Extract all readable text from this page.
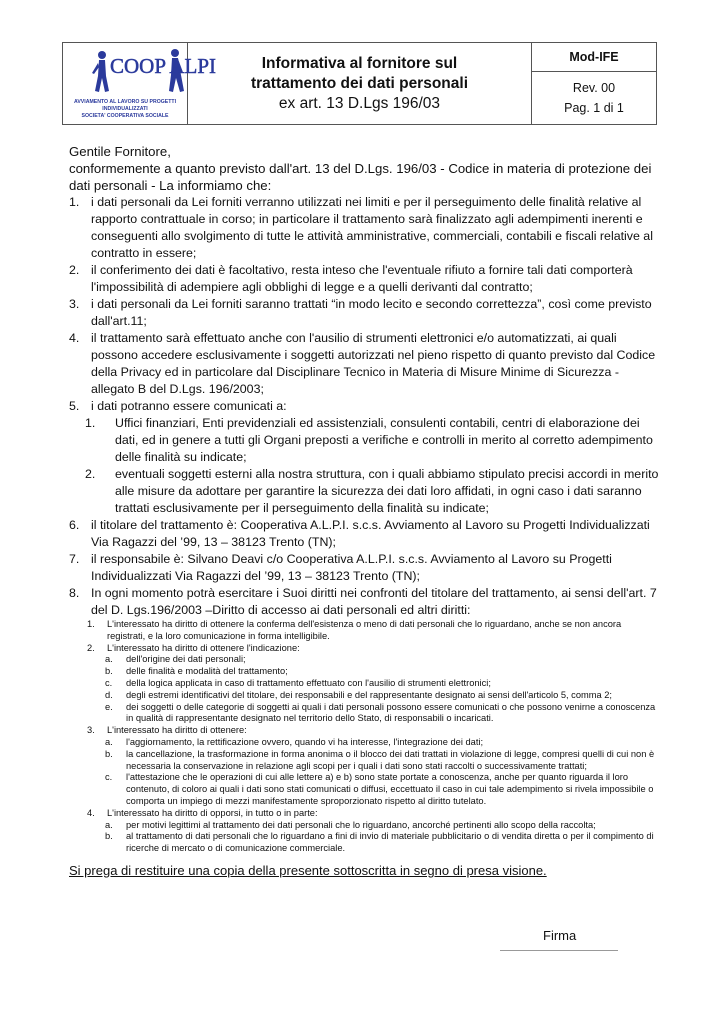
COOP ALPI
AVVIAMENTO AL LAVORO SU PROGETTI
INDIVIDUALIZZATI
SOCIETA' COOPERATIVA SOCIALE
Informativa al fornitore sul
trattamento dei dati personali
ex art. 13 D.Lgs 196/03
Mod-IFE
Rev. 00
Pag. 1 di 1
Gentile Fornitore,
conformemente a quanto previsto dall'art. 13 del D.Lgs. 196/03 - Codice in materia di protezione dei dati personali - La informiamo che:
1. i dati personali da Lei forniti verranno utilizzati nei limiti e per il perseguimento delle finalità relative al rapporto contrattuale in corso; in particolare il trattamento sarà finalizzato agli adempimenti inerenti e conseguenti allo svolgimento di tutte le attività amministrative, commerciali, contabili e fiscali relative al contratto in essere;
2. il conferimento dei dati è facoltativo, resta inteso che l'eventuale rifiuto a fornire tali dati comporterà l'impossibilità di adempiere agli obblighi di legge e a quelli derivanti dal contratto;
3. i dati personali da Lei forniti saranno trattati “in modo lecito e secondo correttezza”, così come previsto dall'art.11;
4. il trattamento sarà effettuato anche con l'ausilio di strumenti elettronici e/o automatizzati, ai quali possono accedere esclusivamente i soggetti autorizzati nel pieno rispetto di quanto previsto dal Codice della Privacy ed in particolare dal Disciplinare Tecnico in Materia di Misure Minime di Sicurezza - allegato B del D.Lgs. 196/2003;
5. i dati potranno essere comunicati a:
1. Uffici finanziari, Enti previdenziali ed assistenziali, consulenti contabili, centri di elaborazione dei dati, ed in genere a tutti gli Organi preposti a verifiche e controlli in merito al corretto adempimento delle finalità su indicate;
2. eventuali soggetti esterni alla nostra struttura, con i quali abbiamo stipulato precisi accordi in merito alle misure da adottare per garantire la sicurezza dei dati loro affidati, in ogni caso i dati saranno trattati esclusivamente per il perseguimento della finalità su indicate;
6. il titolare del trattamento è: Cooperativa A.L.P.I. s.c.s. Avviamento al Lavoro su Progetti Individualizzati Via Ragazzi del ’99, 13 – 38123 Trento (TN);
7. il responsabile è: Silvano Deavi c/o Cooperativa A.L.P.I. s.c.s. Avviamento al Lavoro su Progetti Individualizzati Via Ragazzi del ’99, 13 – 38123 Trento (TN);
8. In ogni momento potrà esercitare i Suoi diritti nei confronti del titolare del trattamento, ai sensi dell'art. 7 del D. Lgs.196/2003 –Diritto di accesso ai dati personali ed altri diritti:
1. L'interessato ha diritto di ottenere la conferma dell'esistenza o meno di dati personali che lo riguardano, anche se non ancora registrati, e la loro comunicazione in forma intelligibile.
2. L'interessato ha diritto di ottenere l'indicazione:
a. dell'origine dei dati personali;
b. delle finalità e modalità del trattamento;
c. della logica applicata in caso di trattamento effettuato con l'ausilio di strumenti elettronici;
d. degli estremi identificativi del titolare, dei responsabili e del rappresentante designato ai sensi dell'articolo 5, comma 2;
e. dei soggetti o delle categorie di soggetti ai quali i dati personali possono essere comunicati o che possono venirne a conoscenza in qualità di rappresentante designato nel territorio dello Stato, di responsabili o incaricati.
3. L'interessato ha diritto di ottenere:
a. l'aggiornamento, la rettificazione ovvero, quando vi ha interesse, l'integrazione dei dati;
b. la cancellazione, la trasformazione in forma anonima o il blocco dei dati trattati in violazione di legge, compresi quelli di cui non è necessaria la conservazione in relazione agli scopi per i quali i dati sono stati raccolti o successivamente trattati;
c. l'attestazione che le operazioni di cui alle lettere a) e b) sono state portate a conoscenza, anche per quanto riguarda il loro contenuto, di coloro ai quali i dati sono stati comunicati o diffusi, eccettuato il caso in cui tale adempimento si rivela impossibile o comporta un impiego di mezzi manifestamente sproporzionato rispetto al diritto tutelato.
4. L'interessato ha diritto di opporsi, in tutto o in parte:
a. per motivi legittimi al trattamento dei dati personali che lo riguardano, ancorché pertinenti allo scopo della raccolta;
b. al trattamento di dati personali che lo riguardano a fini di invio di materiale pubblicitario o di vendita diretta o per il compimento di ricerche di mercato o di comunicazione commerciale.
Si prega di restituire una copia della presente sottoscritta in segno di presa visione.
Firma
